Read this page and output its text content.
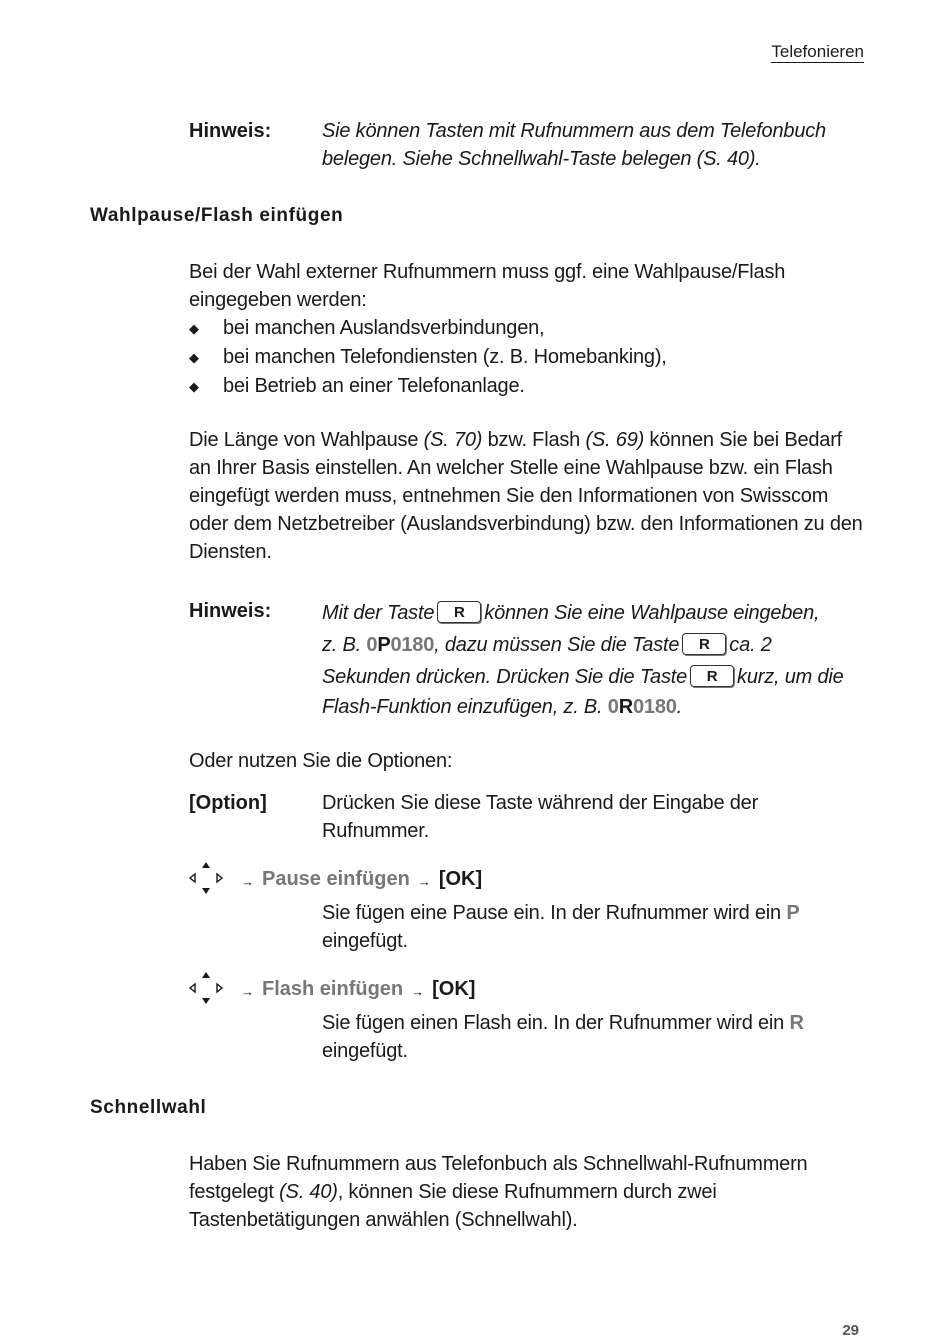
Telefonieren
Hinweis:	Sie können Tasten mit Rufnummern aus dem Telefonbuch
belegen. Siehe Schnellwahl-Taste belegen (S. 40).
Wahlpause/Flash einfügen
Bei der Wahl externer Rufnummern muss ggf. eine Wahlpause/Flash
eingegeben werden:
◆	bei manchen Auslandsverbindungen,
◆	bei manchen Telefondiensten (z. B. Homebanking),
◆	bei Betrieb an einer Telefonanlage.
Die Länge von Wahlpause (S. 70) bzw. Flash (S. 69) können Sie bei Bedarf
an Ihrer Basis einstellen. An welcher Stelle eine Wahlpause bzw. ein Flash
eingefügt werden muss, entnehmen Sie den Informationen von Swisscom
oder dem Netzbetreiber (Auslandsverbindung) bzw. den Informationen zu den
Diensten.
Hinweis:	Mit der Taste R können Sie eine Wahlpause eingeben,
z. B. 0P0180, dazu müssen Sie die Taste R ca. 2
Sekunden drücken. Drücken Sie die Taste R kurz, um die
Flash-Funktion einzufügen, z. B. 0R0180.
Oder nutzen Sie die Optionen:
[Option]	Drücken Sie diese Taste während der Eingabe der
Rufnummer.
→ Pause einfügen → [OK]
Sie fügen eine Pause ein. In der Rufnummer wird ein P
eingefügt.
→ Flash einfügen → [OK]
Sie fügen einen Flash ein. In der Rufnummer wird ein R
eingefügt.
Schnellwahl
Haben Sie Rufnummern aus Telefonbuch als Schnellwahl-Rufnummern
festgelegt (S. 40), können Sie diese Rufnummern durch zwei
Tastenbetätigungen anwählen (Schnellwahl).
29
